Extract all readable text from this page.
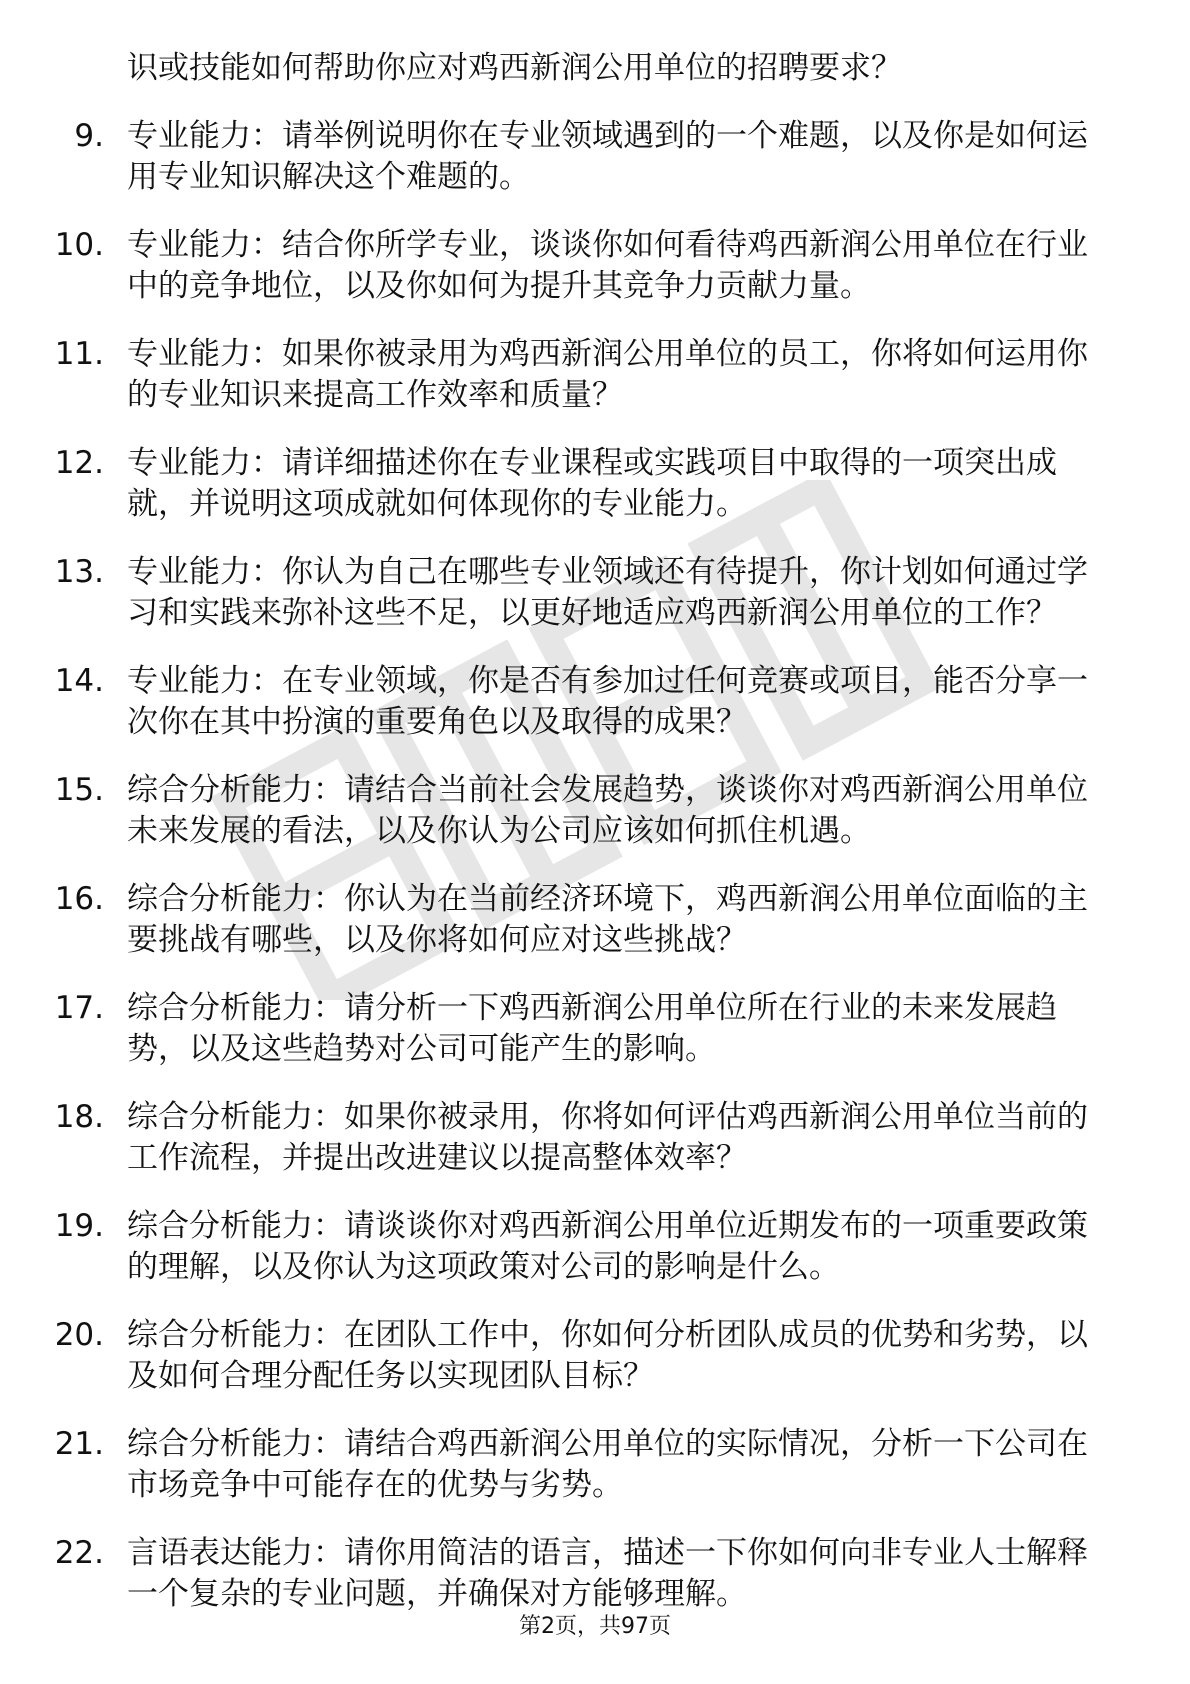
识或技能如何帮助你应对鸡西新润公用单位的招聘要求？
9. 专业能力：请举例说明你在专业领域遇到的一个难题，以及你是如何运用专业知识解决这个难题的。
10. 专业能力：结合你所学专业，谈谈你如何看待鸡西新润公用单位在行业中的竞争地位，以及你如何为提升其竞争力贡献力量。
11. 专业能力：如果你被录用为鸡西新润公用单位的员工，你将如何运用你的专业知识来提高工作效率和质量？
12. 专业能力：请详细描述你在专业课程或实践项目中取得的一项突出成就，并说明这项成就如何体现你的专业能力。
13. 专业能力：你认为自己在哪些专业领域还有待提升，你计划如何通过学习和实践来弥补这些不足，以更好地适应鸡西新润公用单位的工作？
14. 专业能力：在专业领域，你是否有参加过任何竞赛或项目，能否分享一次你在其中扮演的重要角色以及取得的成果？
15. 综合分析能力：请结合当前社会发展趋势，谈谈你对鸡西新润公用单位未来发展的看法，以及你认为公司应该如何抓住机遇。
16. 综合分析能力：你认为在当前经济环境下，鸡西新润公用单位面临的主要挑战有哪些，以及你将如何应对这些挑战？
17. 综合分析能力：请分析一下鸡西新润公用单位所在行业的未来发展趋势，以及这些趋势对公司可能产生的影响。
18. 综合分析能力：如果你被录用，你将如何评估鸡西新润公用单位当前的工作流程，并提出改进建议以提高整体效率？
19. 综合分析能力：请谈谈你对鸡西新润公用单位近期发布的一项重要政策的理解，以及你认为这项政策对公司的影响是什么。
20. 综合分析能力：在团队工作中，你如何分析团队成员的优势和劣势，以及如何合理分配任务以实现团队目标？
21. 综合分析能力：请结合鸡西新润公用单位的实际情况，分析一下公司在市场竞争中可能存在的优势与劣势。
22. 言语表达能力：请你用简洁的语言，描述一下你如何向非专业人士解释一个复杂的专业问题，并确保对方能够理解。
第2页，共97页
